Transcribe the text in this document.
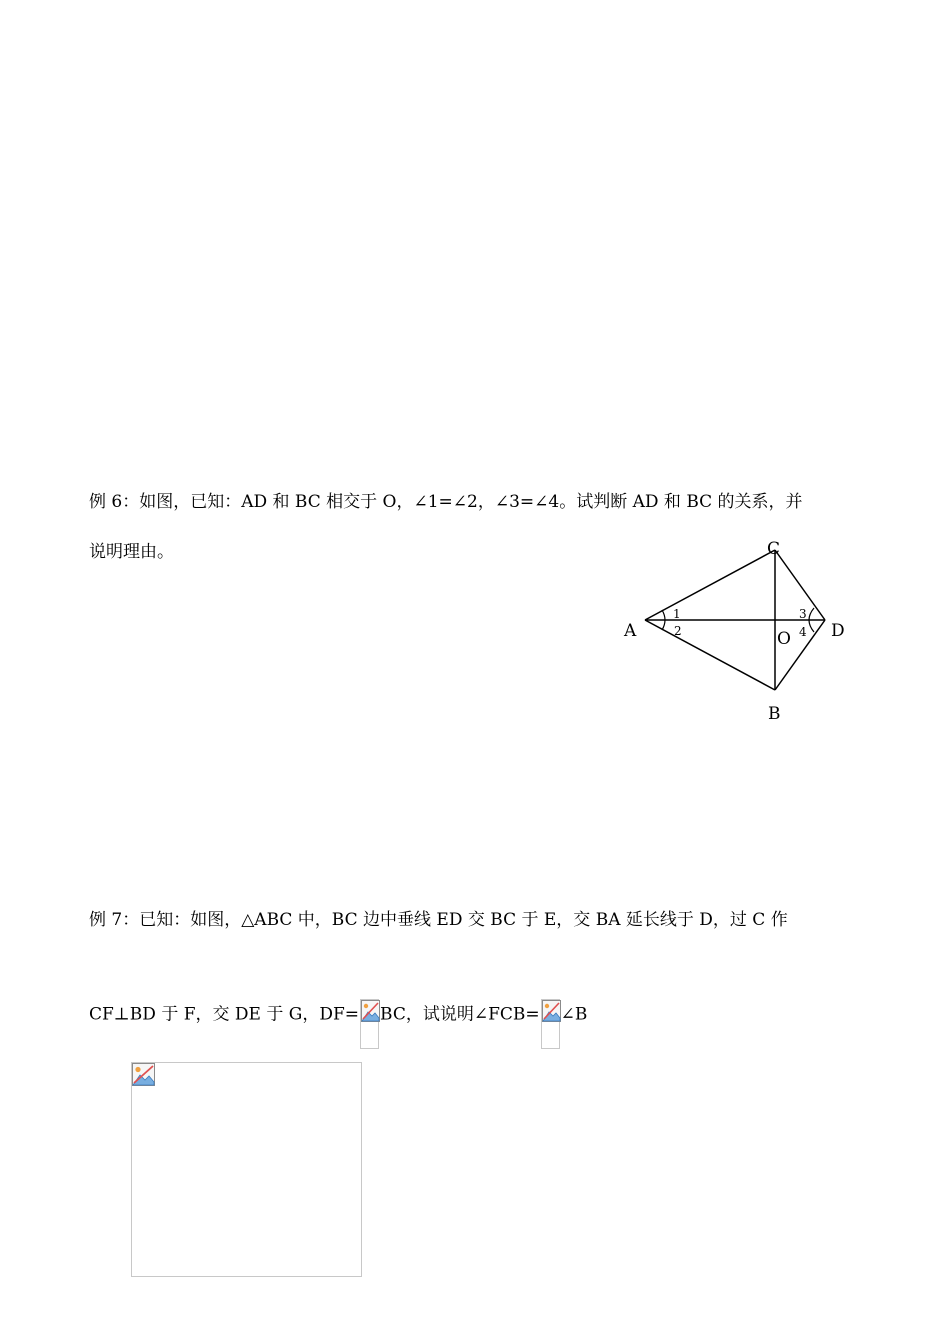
例 6：如图，已知：AD 和 BC 相交于 O，∠1=∠2，∠3=∠4。试判断 AD 和 BC 的关系，并
说明理由。
A
C
D
B
O
1
2
3
4
例 7：已知：如图，△ABC 中，BC 边中垂线 ED 交 BC 于 E，交 BA 延长线于 D，过 C 作
CF⊥BD 于 F，交 DE 于 G，DF= BC，试说明∠FCB= ∠B
